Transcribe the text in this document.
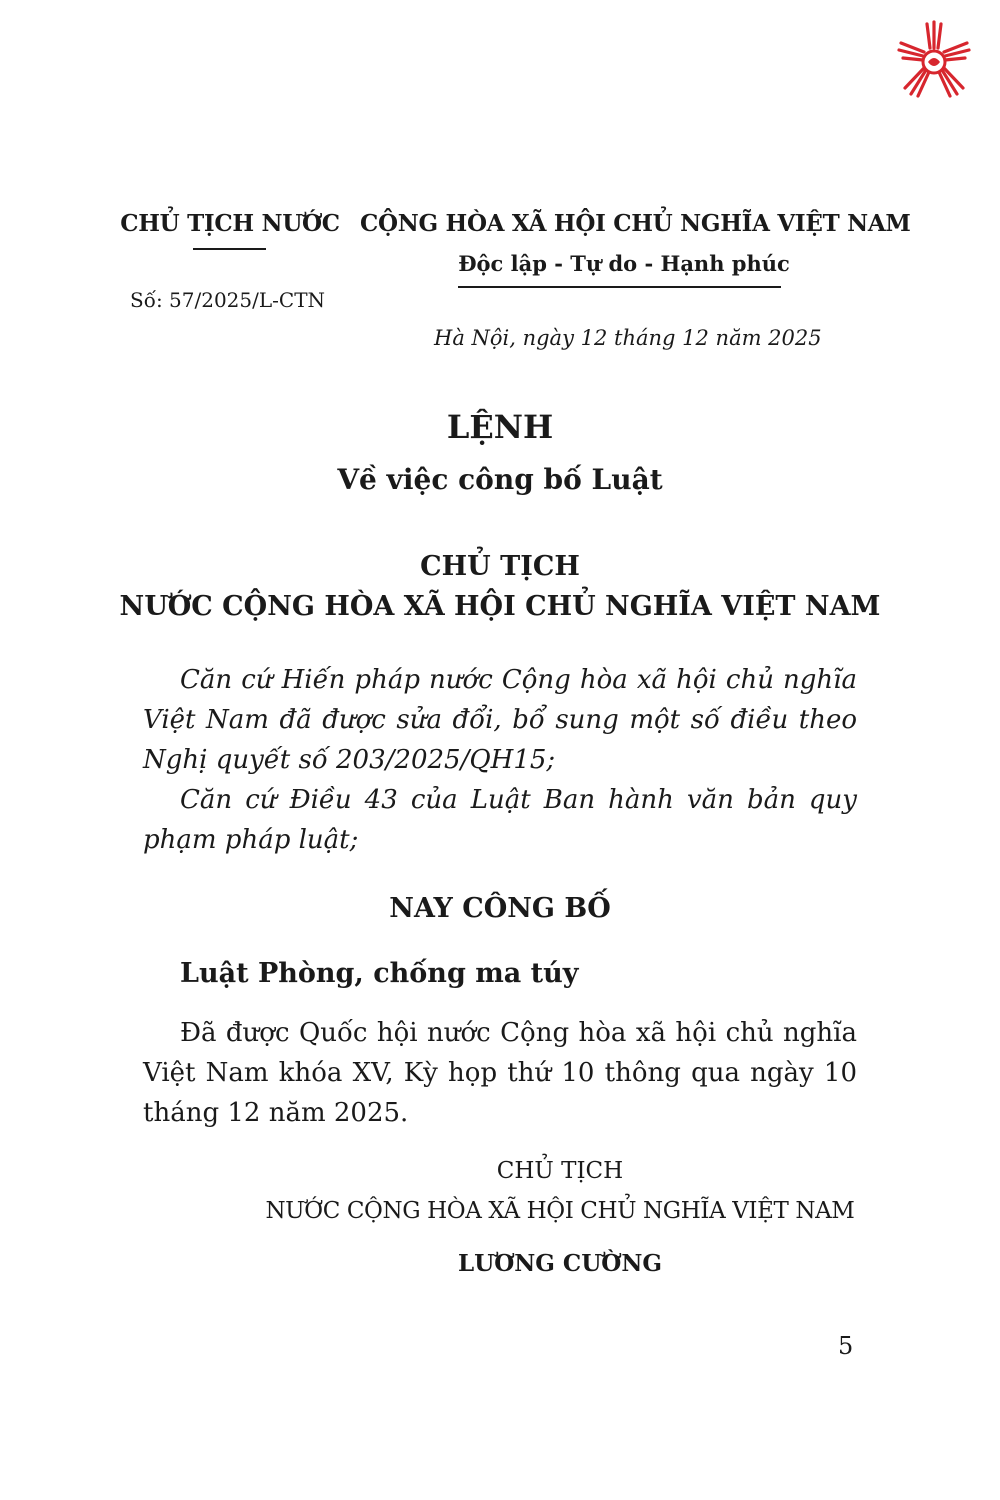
CHỦ TỊCH NƯỚC
Số: 57/2025/L-CTN
CỘNG HÒA XÃ HỘI CHỦ NGHĨA VIỆT NAM
Độc lập - Tự do - Hạnh phúc
Hà Nội, ngày 12 tháng 12 năm 2025
LỆNH
Về việc công bố Luật
CHỦ TỊCH
NƯỚC CỘNG HÒA XÃ HỘI CHỦ NGHĨA VIỆT NAM
Căn cứ Hiến pháp nước Cộng hòa xã hội chủ nghĩa
Việt Nam đã được sửa đổi, bổ sung một số điều theo
Nghị quyết số 203/2025/QH15;
Căn cứ Điều 43 của Luật Ban hành văn bản quy
phạm pháp luật;
NAY CÔNG BỐ
Luật Phòng, chống ma túy
Đã được Quốc hội nước Cộng hòa xã hội chủ nghĩa
Việt Nam khóa XV, Kỳ họp thứ 10 thông qua ngày 10
tháng 12 năm 2025.
CHỦ TỊCH
NƯỚC CỘNG HÒA XÃ HỘI CHỦ NGHĨA VIỆT NAM
LƯƠNG CƯỜNG
5
